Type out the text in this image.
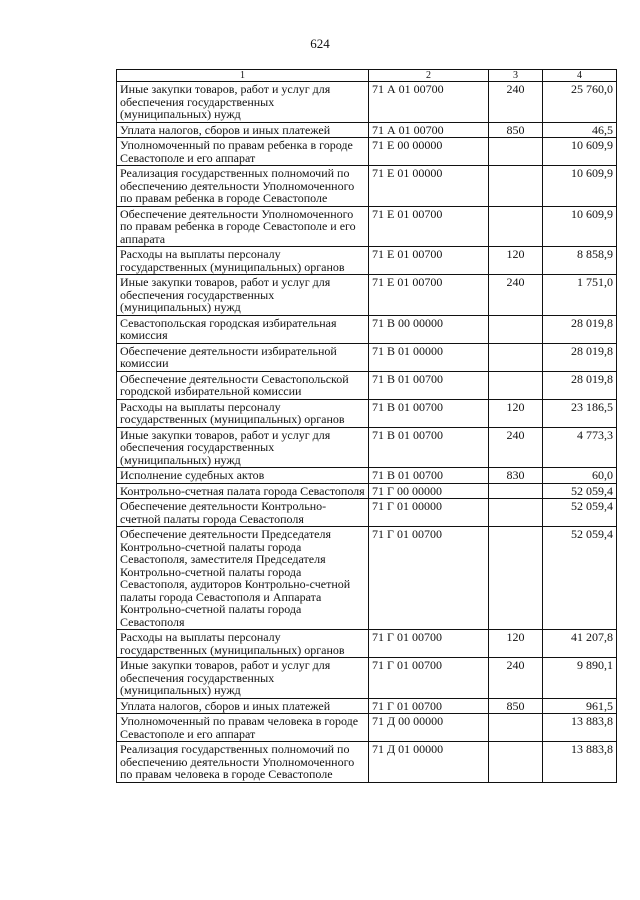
624
1	2	3	4
Иные закупки товаров, работ и услуг для обеспечения государственных (муниципальных) нужд	71 А 01 00700	240	25 760,0
Уплата налогов, сборов и иных платежей	71 А 01 00700	850	46,5
Уполномоченный по правам ребенка в городе Севастополе и его аппарат	71 Е 00 00000		10 609,9
Реализация государственных полномочий по обеспечению деятельности Уполномоченного по правам ребенка в городе Севастополе	71 Е 01 00000		10 609,9
Обеспечение деятельности Уполномоченного по правам ребенка в городе Севастополе и его аппарата	71 Е 01 00700		10 609,9
Расходы на выплаты персоналу государственных (муниципальных) органов	71 Е 01 00700	120	8 858,9
Иные закупки товаров, работ и услуг для обеспечения государственных (муниципальных) нужд	71 Е 01 00700	240	1 751,0
Севастопольская городская избирательная комиссия	71 В 00 00000		28 019,8
Обеспечение деятельности избирательной комиссии	71 В 01 00000		28 019,8
Обеспечение деятельности Севастопольской городской избирательной комиссии	71 В 01 00700		28 019,8
Расходы на выплаты персоналу государственных (муниципальных) органов	71 В 01 00700	120	23 186,5
Иные закупки товаров, работ и услуг для обеспечения государственных (муниципальных) нужд	71 В 01 00700	240	4 773,3
Исполнение судебных актов	71 В 01 00700	830	60,0
Контрольно-счетная палата города Севастополя	71 Г 00 00000		52 059,4
Обеспечение деятельности Контрольно-счетной палаты города Севастополя	71 Г 01 00000		52 059,4
Обеспечение деятельности Председателя Контрольно-счетной палаты города Севастополя, заместителя Председателя Контрольно-счетной палаты города Севастополя, аудиторов Контрольно-счетной палаты города Севастополя и Аппарата Контрольно-счетной палаты города Севастополя	71 Г 01 00700		52 059,4
Расходы на выплаты персоналу государственных (муниципальных) органов	71 Г 01 00700	120	41 207,8
Иные закупки товаров, работ и услуг для обеспечения государственных (муниципальных) нужд	71 Г 01 00700	240	9 890,1
Уплата налогов, сборов и иных платежей	71 Г 01 00700	850	961,5
Уполномоченный по правам человека в городе Севастополе и его аппарат	71 Д 00 00000		13 883,8
Реализация государственных полномочий по обеспечению деятельности Уполномоченного по правам человека в городе Севастополе	71 Д 01 00000		13 883,8
